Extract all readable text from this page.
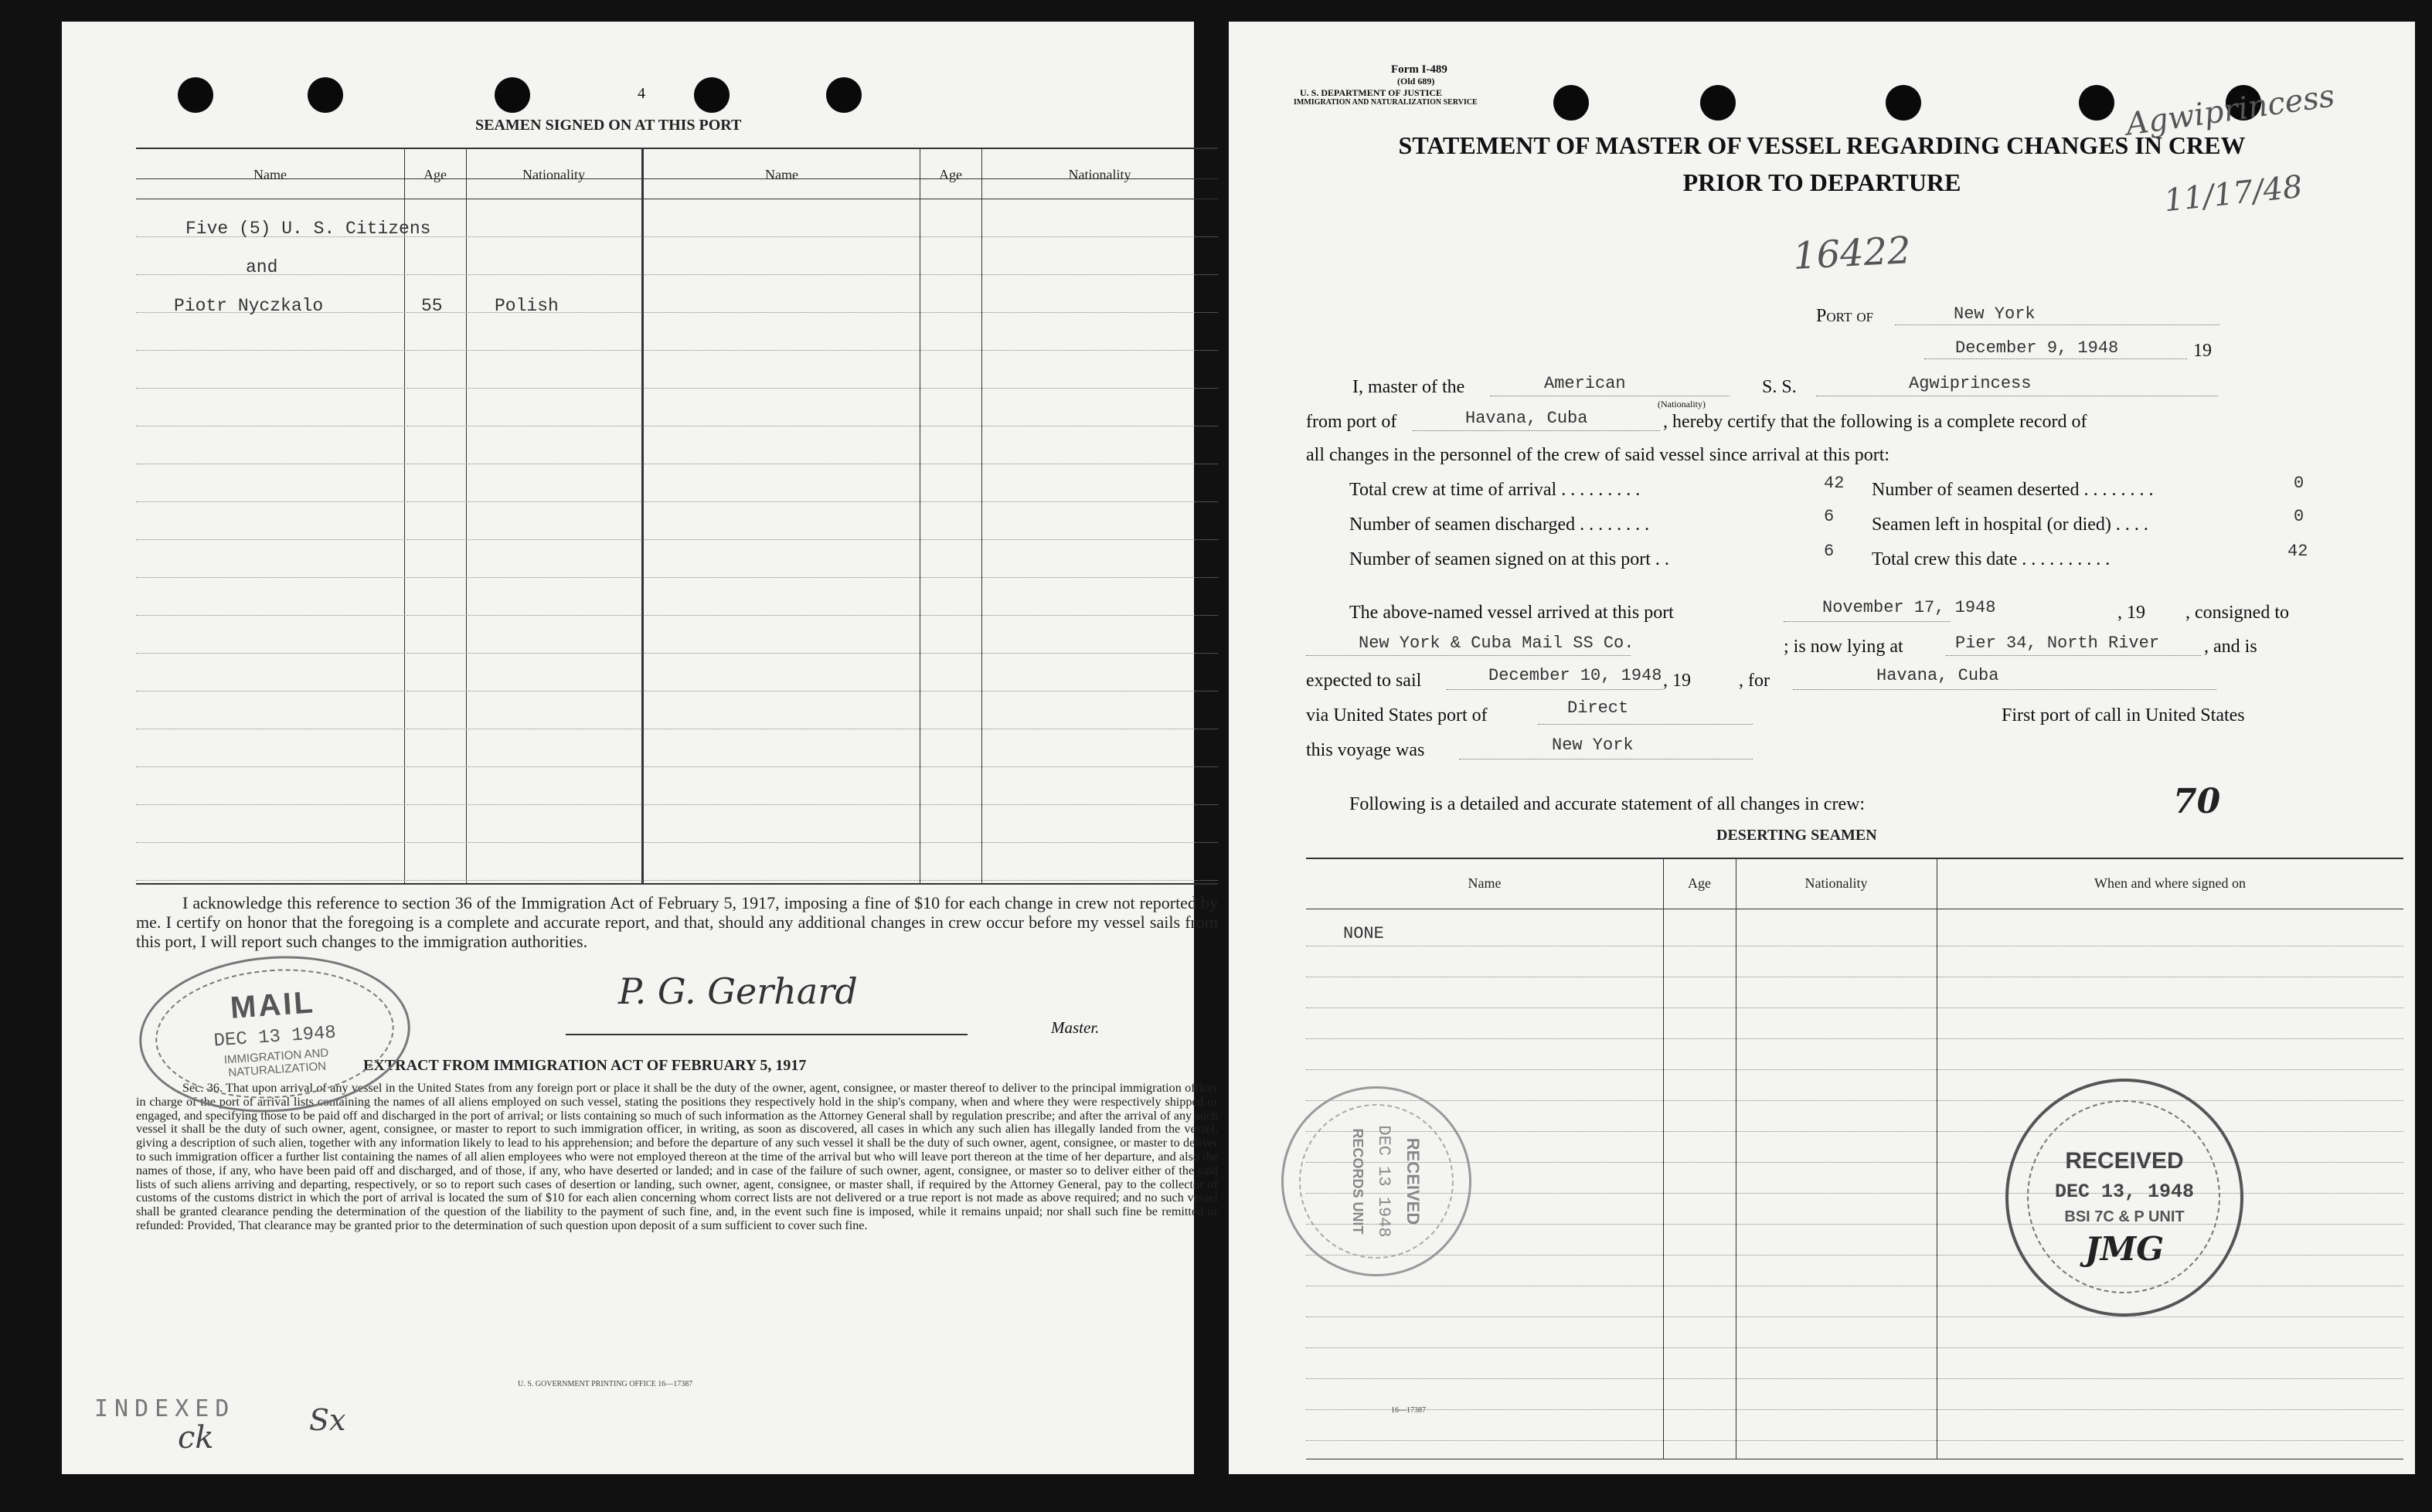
4
SEAMEN SIGNED ON AT THIS PORT
Name	Age	Nationality	Name	Age	Nationality
Five (5) U. S. Citizens
and
Piotr Nyczkalo	55	Polish
I acknowledge this reference to section 36 of the Immigration Act of February 5, 1917, imposing a fine of $10 for each change in crew not reported by me. I certify on honor that the foregoing is a complete and accurate report, and that, should any additional changes in crew occur before my vessel sails from this port, I will report such changes to the immigration authorities.
P. G. Gerhard
Master.
EXTRACT FROM IMMIGRATION ACT OF FEBRUARY 5, 1917
Sec. 36. That upon arrival of any vessel in the United States from any foreign port or place it shall be the duty of the owner, agent, consignee, or master thereof to deliver to the principal immigration officer in charge of the port of arrival lists containing the names of all aliens employed on such vessel, stating the positions they respectively hold in the ship's company, when and where they were respectively shipped or engaged, and specifying those to be paid off and discharged in the port of arrival; or lists containing so much of such information as the Attorney General shall by regulation prescribe; and after the arrival of any such vessel it shall be the duty of such owner, agent, consignee, or master to report to such immigration officer, in writing, as soon as discovered, all cases in which any such alien has illegally landed from the vessel, giving a description of such alien, together with any information likely to lead to his apprehension; and before the departure of any such vessel it shall be the duty of such owner, agent, consignee, or master to deliver to such immigration officer a further list containing the names of all alien employees who were not employed thereon at the time of the arrival but who will leave port thereon at the time of her departure, and also the names of those, if any, who have been paid off and discharged, and of those, if any, who have deserted or landed; and in case of the failure of such owner, agent, consignee, or master so to deliver either of the said lists of such aliens arriving and departing, respectively, or so to report such cases of desertion or landing, such owner, agent, consignee, or master shall, if required by the Attorney General, pay to the collector of customs of the customs district in which the port of arrival is located the sum of $10 for each alien concerning whom correct lists are not delivered or a true report is not made as above required; and no such vessel shall be granted clearance pending the determination of the question of the liability to the payment of such fine, and, in the event such fine is imposed, while it remains unpaid; nor shall such fine be remitted or refunded: Provided, That clearance may be granted prior to the determination of such question upon deposit of a sum sufficient to cover such fine.
U. S. GOVERNMENT PRINTING OFFICE 16—17387
INDEXED
ck	Sx
MAIL
DEC 13 1948
IMMIGRATION AND NATURALIZATION
Form I-489
(Old 689)
U. S. DEPARTMENT OF JUSTICE
IMMIGRATION AND NATURALIZATION SERVICE
STATEMENT OF MASTER OF VESSEL REGARDING CHANGES IN CREW
PRIOR TO DEPARTURE
Agwiprincess
11/17/48
16422
Port of	New York
December 9, 1948	19
I, master of the	American
(Nationality)
S. S.	Agwiprincess
from port of	Havana, Cuba	, hereby certify that the following is a complete record of
all changes in the personnel of the crew of said vessel since arrival at this port:
Total crew at time of arrival . . . . . . . . .	42
Number of seamen discharged . . . . . . . .	6
Number of seamen signed on at this port . .	6
Number of seamen deserted . . . . . . . .	0
Seamen left in hospital (or died) . . . .	0
Total crew this date . . . . . . . . . .	42
The above-named vessel arrived at this port	November 17, 1948	, 19 , consigned to
New York & Cuba Mail SS Co.	; is now lying at	Pier 34, North River , and is
expected to sail	December 10, 1948 , 19	, for	Havana, Cuba
via United States port of	Direct	First port of call in United States
this voyage was	New York
Following is a detailed and accurate statement of all changes in crew:	70
DESERTING SEAMEN
Name	Age	Nationality	When and where signed on
NONE
16—17387
RECEIVED
DEC 13, 1948
BSI 7C & P UNIT
JMG
RECEIVED
DEC 13 1948
RECORDS UNIT
